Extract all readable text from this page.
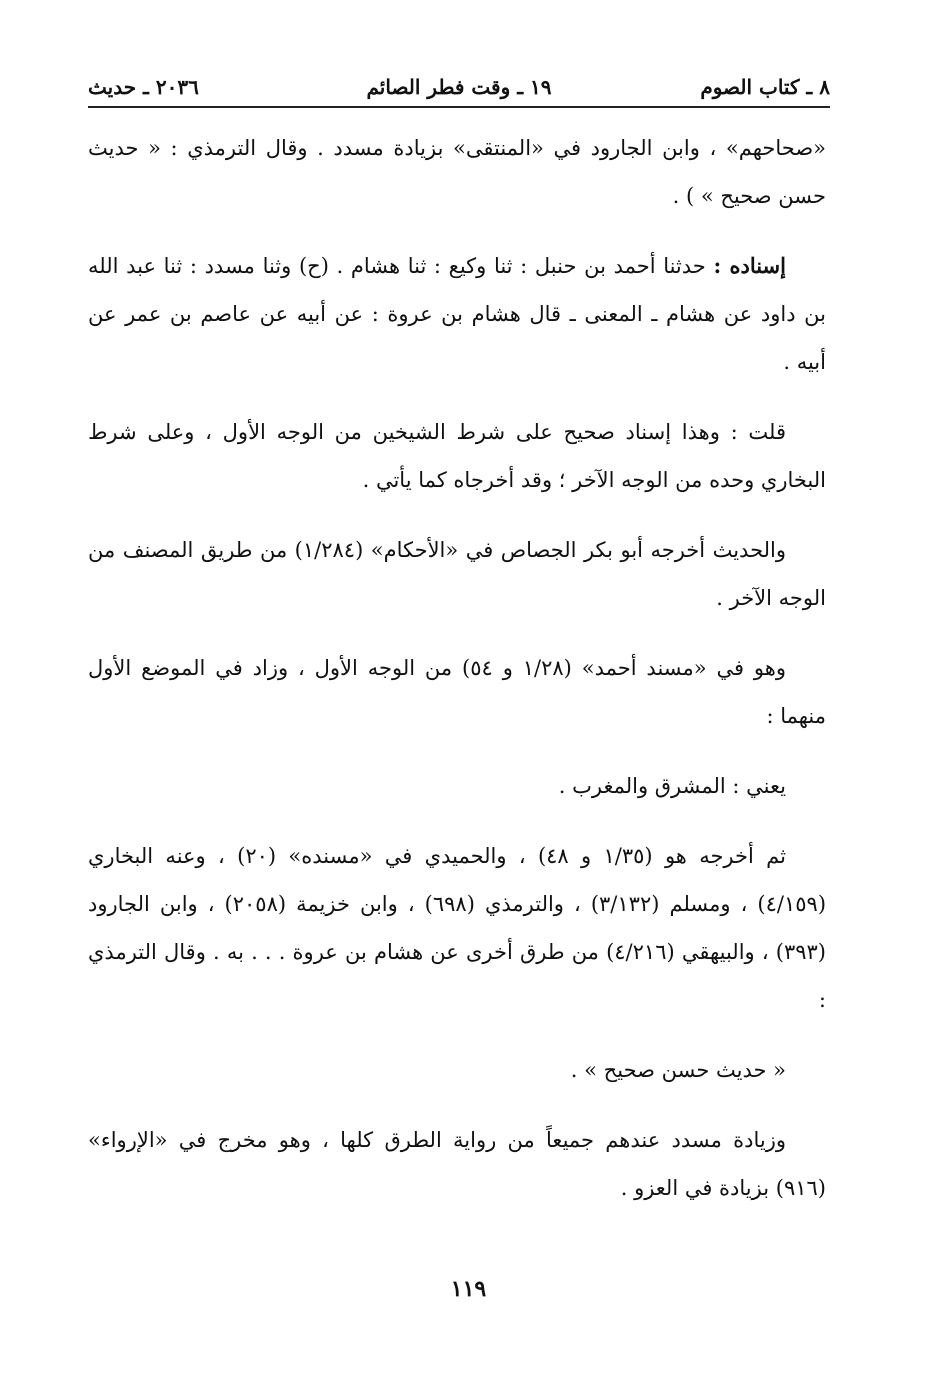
٨ ـ كتاب الصوم
١٩ ـ وقت فطر الصائم
٢٠٣٦ ـ حديث

«صحاحهم» ، وابن الجارود في «المنتقى» بزيادة مسدد . وقال الترمذي : « حديث حسن صحيح » ) .

إسناده : حدثنا أحمد بن حنبل : ثنا وكيع : ثنا هشام . (ح) وثنا مسدد : ثنا عبد الله بن داود عن هشام ـ المعنى ـ قال هشام بن عروة : عن أبيه عن عاصم بن عمر عن أبيه .

قلت : وهذا إسناد صحيح على شرط الشيخين من الوجه الأول ، وعلى شرط البخاري وحده من الوجه الآخر ؛ وقد أخرجاه كما يأتي .

والحديث أخرجه أبو بكر الجصاص في «الأحكام» (١/٢٨٤) من طريق المصنف من الوجه الآخر .

وهو في «مسند أحمد» (١/٢٨ و ٥٤) من الوجه الأول ، وزاد في الموضع الأول منهما :

يعني : المشرق والمغرب .

ثم أخرجه هو (١/٣٥ و ٤٨) ، والحميدي في «مسنده» (٢٠) ، وعنه البخاري (٤/١٥٩) ، ومسلم (٣/١٣٢) ، والترمذي (٦٩٨) ، وابن خزيمة (٢٠٥٨) ، وابن الجارود (٣٩٣) ، والبيهقي (٤/٢١٦) من طرق أخرى عن هشام بن عروة . . . به . وقال الترمذي :

« حديث حسن صحيح » .

وزيادة مسدد عندهم جميعاً من رواية الطرق كلها ، وهو مخرج في «الإرواء» (٩١٦) بزيادة في العزو .

١١٩
